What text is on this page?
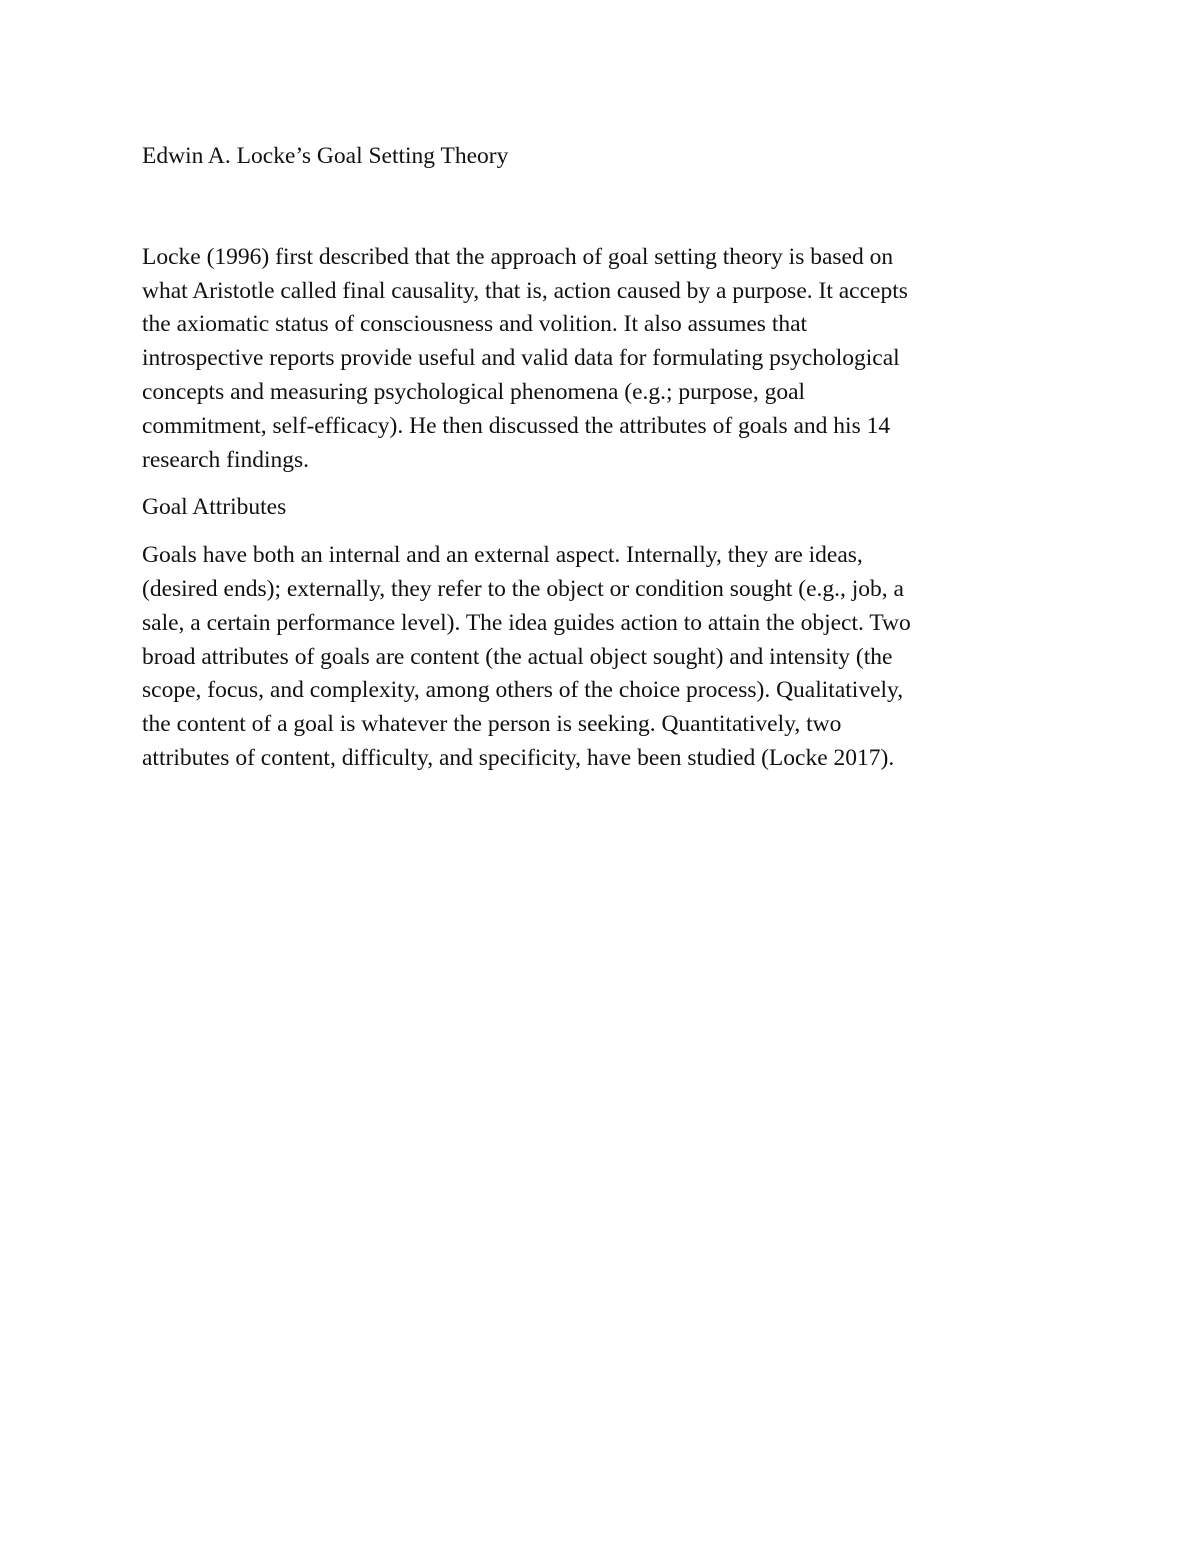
Edwin A. Locke’s Goal Setting Theory

Locke (1996) first described that the approach of goal setting theory is based on
what Aristotle called final causality, that is, action caused by a purpose. It accepts
the axiomatic status of consciousness and volition. It also assumes that
introspective reports provide useful and valid data for formulating psychological
concepts and measuring psychological phenomena (e.g.; purpose, goal
commitment, self-efficacy). He then discussed the attributes of goals and his 14
research findings.

Goal Attributes

Goals have both an internal and an external aspect. Internally, they are ideas,
(desired ends); externally, they refer to the object or condition sought (e.g., job, a
sale, a certain performance level). The idea guides action to attain the object. Two
broad attributes of goals are content (the actual object sought) and intensity (the
scope, focus, and complexity, among others of the choice process). Qualitatively,
the content of a goal is whatever the person is seeking. Quantitatively, two
attributes of content, difficulty, and specificity, have been studied (Locke 2017).
